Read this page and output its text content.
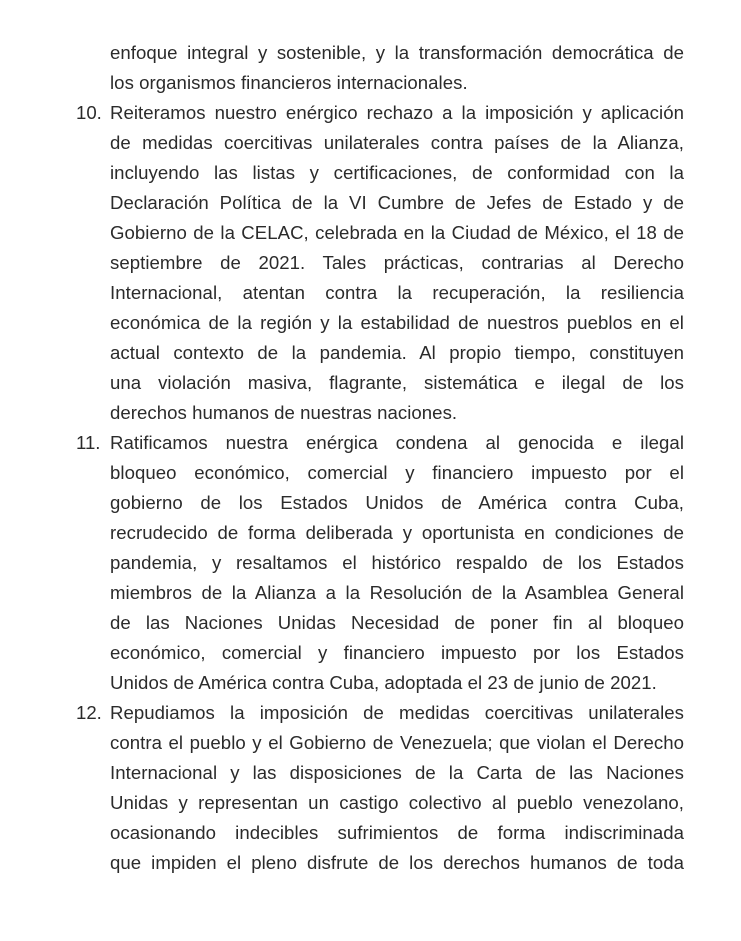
enfoque integral y sostenible, y la transformación democrática de
los organismos financieros internacionales.
10. Reiteramos nuestro enérgico rechazo a la imposición y aplicación
de medidas coercitivas unilaterales contra países de la Alianza,
incluyendo las listas y certificaciones, de conformidad con la
Declaración Política de la VI Cumbre de Jefes de Estado y de
Gobierno de la CELAC, celebrada en la Ciudad de México, el 18 de
septiembre de 2021. Tales prácticas, contrarias al Derecho
Internacional, atentan contra la recuperación, la resiliencia
económica de la región y la estabilidad de nuestros pueblos en el
actual contexto de la pandemia. Al propio tiempo, constituyen
una violación masiva, flagrante, sistemática e ilegal de los
derechos humanos de nuestras naciones.
11. Ratificamos nuestra enérgica condena al genocida e ilegal
bloqueo económico, comercial y financiero impuesto por el
gobierno de los Estados Unidos de América contra Cuba,
recrudecido de forma deliberada y oportunista en condiciones de
pandemia, y resaltamos el histórico respaldo de los Estados
miembros de la Alianza a la Resolución de la Asamblea General
de las Naciones Unidas Necesidad de poner fin al bloqueo
económico, comercial y financiero impuesto por los Estados
Unidos de América contra Cuba, adoptada el 23 de junio de 2021.
12. Repudiamos la imposición de medidas coercitivas unilaterales
contra el pueblo y el Gobierno de Venezuela; que violan el Derecho
Internacional y las disposiciones de la Carta de las Naciones
Unidas y representan un castigo colectivo al pueblo venezolano,
ocasionando indecibles sufrimientos de forma indiscriminada
que impiden el pleno disfrute de los derechos humanos de toda
